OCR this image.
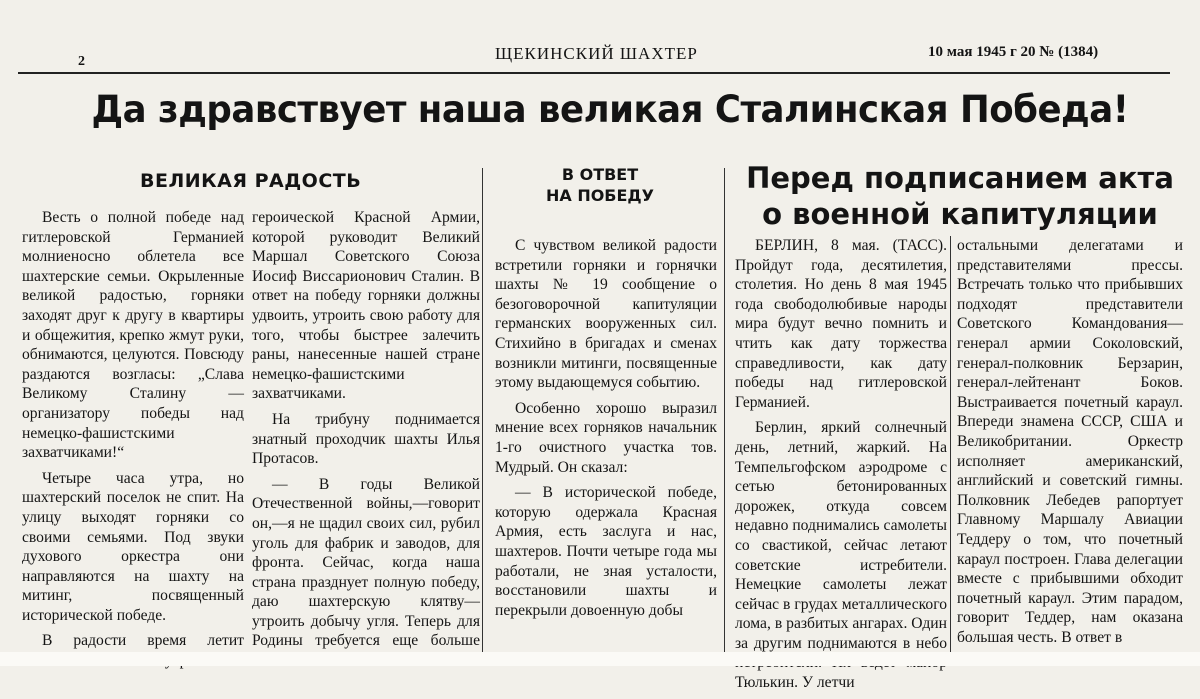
2	ЩЕКИНСКИЙ ШАХТЕР	10 мая 1945 г 20 № (1384)
Да здравствует наша великая Сталинская Победа!
ВЕЛИКАЯ РАДОСТЬ

Весть о полной победе над гитлеровской Германией молниеносно облетела все шахтерские семьи. Окрыленные великой радостью, горняки заходят друг к другу в квартиры и общежития, крепко жмут руки, обнимаются, целуются. Повсюду раздаются возгласы: „Слава Великому Сталину —организатору победы над немецко-фашистскими захватчиками!“

Четыре часа утра, но шахтерский поселок не спит. На улицу выходят горняки со своими семьями. Под звуки духового оркестра они направляются на шахту на митинг, посвященный исторической победе.

В радости время летит

героической Красной Армии, которой руководит Великий Маршал Советского Союза Иосиф Виссарионович Сталин. В ответ на победу горняки должны удвоить, утроить свою работу для того, чтобы быстрее залечить раны, нанесенные нашей стране немецко-фашистскими захватчиками.

На трибуну поднимается знатный проходчик шахты Илья Протасов.

— В годы Великой Отечественной войны,—говорит он,—я не щадил своих сил, рубил уголь для фабрик и заводов, для фронта. Сейчас, когда наша страна празднует полную победу, даю шахтерскую клятву—утроить добычу угля. Теперь для Родины требуется еще больше

В ОТВЕТ
НА ПОБЕДУ

С чувством великой радости встретили горняки и горнячки шахты № 19 сообщение о безоговорочной капитуляции германских вооруженных сил. Стихийно в бригадах и сменах возникли митинги, посвященные этому выдающемуся событию.

Особенно хорошо выразил мнение всех горняков начальник 1-го очистного участка тов. Мудрый. Он сказал:

— В исторической победе, которую одержала Красная Армия, есть заслуга и нас, шахтеров. Почти четыре года мы работали, не зная усталости, восстановили шахты и перекрыли довоенную добы

Перед подписанием акта
о военной капитуляции

БЕРЛИН, 8 мая. (ТАСС). Пройдут года, десятилетия, столетия. Но день 8 мая 1945 года свободолюбивые народы мира будут вечно помнить и чтить как дату торжества справедливости, как дату победы над гитлеровской Германией.

Берлин, яркий солнечный день, летний, жаркий. На Темпельгофском аэродроме с сетью бетонированных дорожек, откуда совсем недавно поднимались самолеты со свастикой, сейчас летают советские истребители. Немецкие самолеты лежат сейчас в грудах металлического лома, в разбитых ангарах. Один за другим поднимаются в небо Тюлькин. У летчи

остальными делегатами и представителями прессы. Встречать только что прибывших подходят представители Советского Командования—генерал армии Соколовский, генерал-полковник Берзарин, генерал-лейтенант Боков. Выстраивается почетный караул. Впереди знамена СССР, США и Великобритании. Оркестр исполняет американский, английский и советский гимны. Полковник Лебедев рапортует Главному Маршалу Авиации Теддеру о том, что почетный караул построен. Глава делегации вместе с прибывшими обходит почетный караул. Этим парадом, говорит Теддер, нам оказана большая честь. В ответ в
